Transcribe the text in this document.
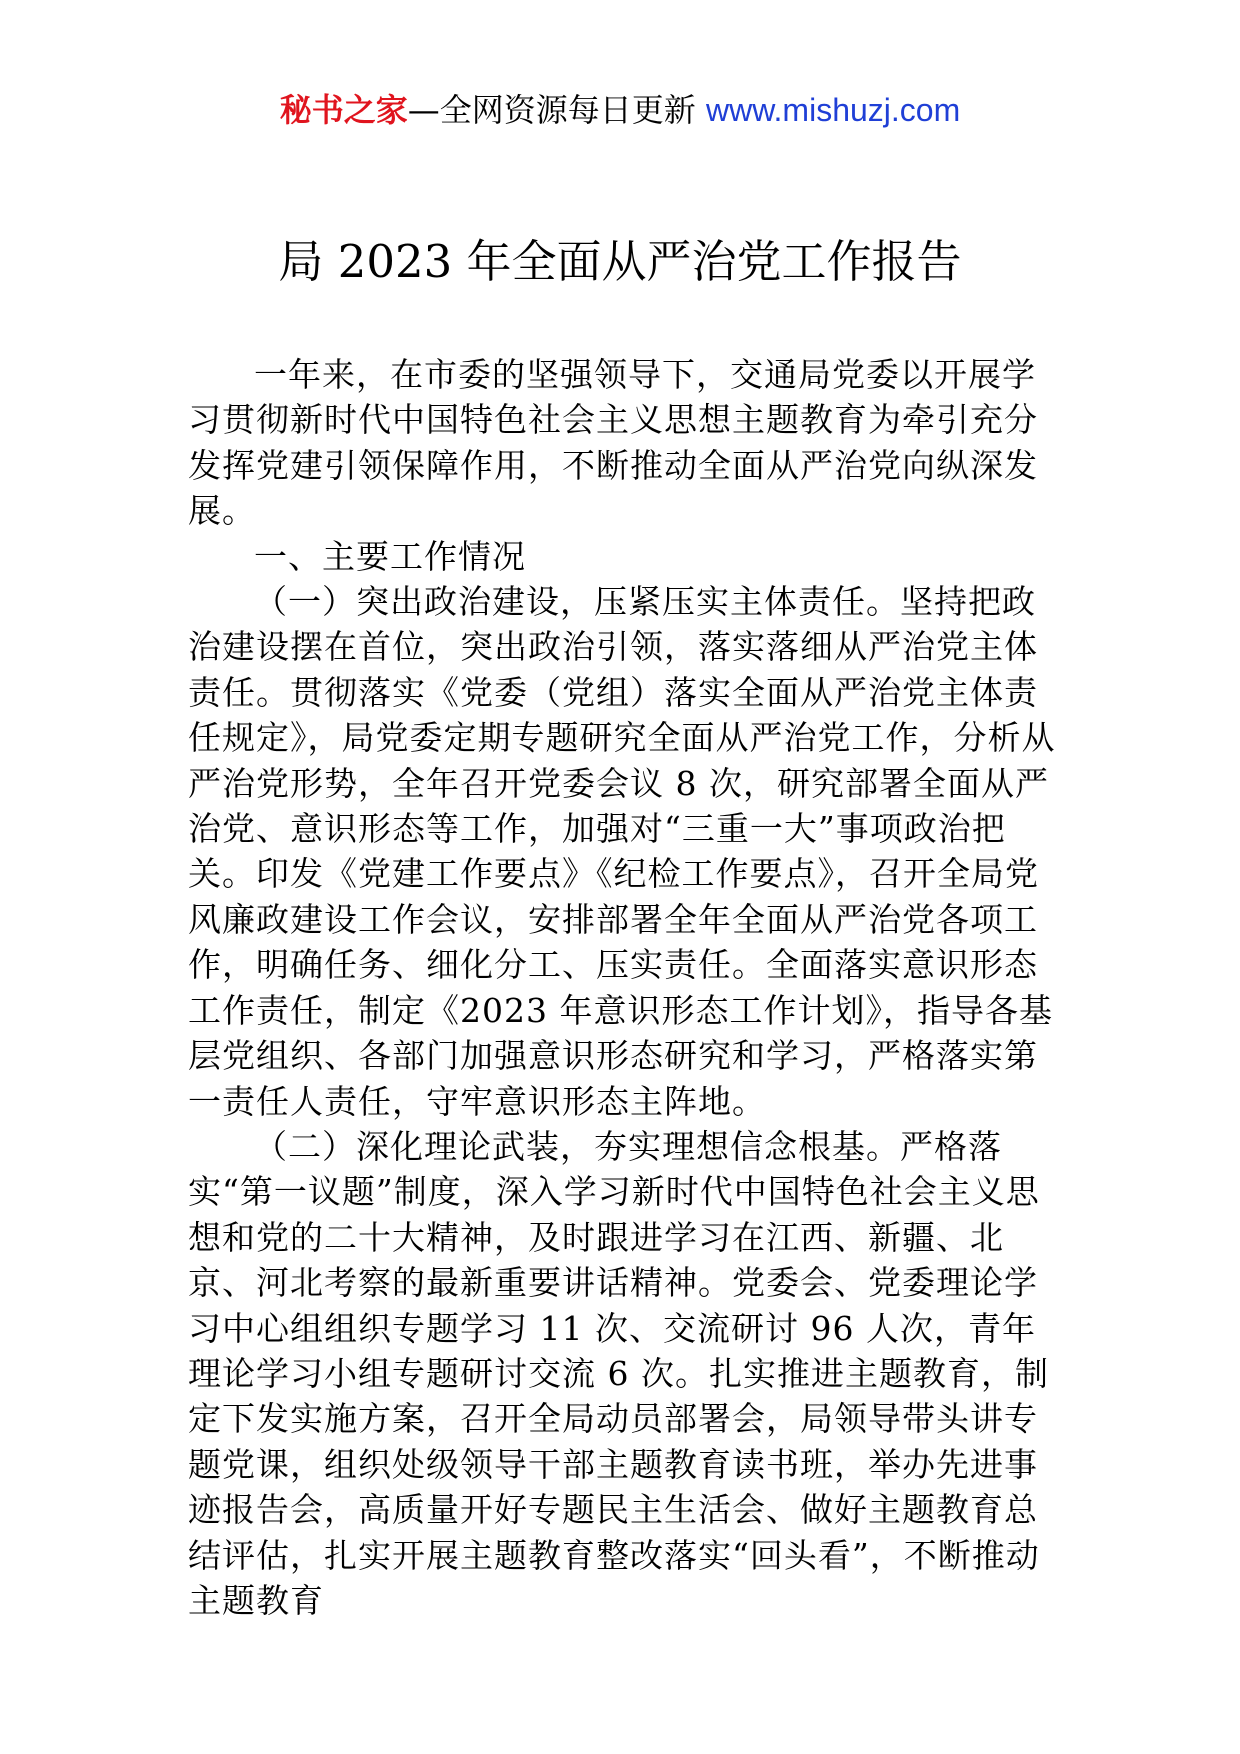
秘书之家—全网资源每日更新 www.mishuzj.com
局 2023 年全面从严治党工作报告

一年来，在市委的坚强领导下，交通局党委以开展学习贯彻新时代中国特色社会主义思想主题教育为牵引充分发挥党建引领保障作用，不断推动全面从严治党向纵深发展。

一、主要工作情况

（一）突出政治建设，压紧压实主体责任。坚持把政治建设摆在首位，突出政治引领，落实落细从严治党主体责任。贯彻落实《党委（党组）落实全面从严治党主体责任规定》，局党委定期专题研究全面从严治党工作，分析从严治党形势，全年召开党委会议 8 次，研究部署全面从严治党、意识形态等工作，加强对“三重一大”事项政治把关。印发《党建工作要点》《纪检工作要点》，召开全局党风廉政建设工作会议，安排部署全年全面从严治党各项工作，明确任务、细化分工、压实责任。全面落实意识形态工作责任，制定《2023 年意识形态工作计划》，指导各基层党组织、各部门加强意识形态研究和学习，严格落实第一责任人责任，守牢意识形态主阵地。

（二）深化理论武装，夯实理想信念根基。严格落实“第一议题”制度，深入学习新时代中国特色社会主义思想和党的二十大精神，及时跟进学习在江西、新疆、北京、河北考察的最新重要讲话精神。党委会、党委理论学习中心组组织专题学习 11 次、交流研讨 96 人次，青年理论学习小组专题研讨交流 6 次。扎实推进主题教育，制定下发实施方案，召开全局动员部署会，局领导带头讲专题党课，组织处级领导干部主题教育读书班，举办先进事迹报告会，高质量开好专题民主生活会、做好主题教育总结评估，扎实开展主题教育整改落实“回头看”，不断推动主题教育
